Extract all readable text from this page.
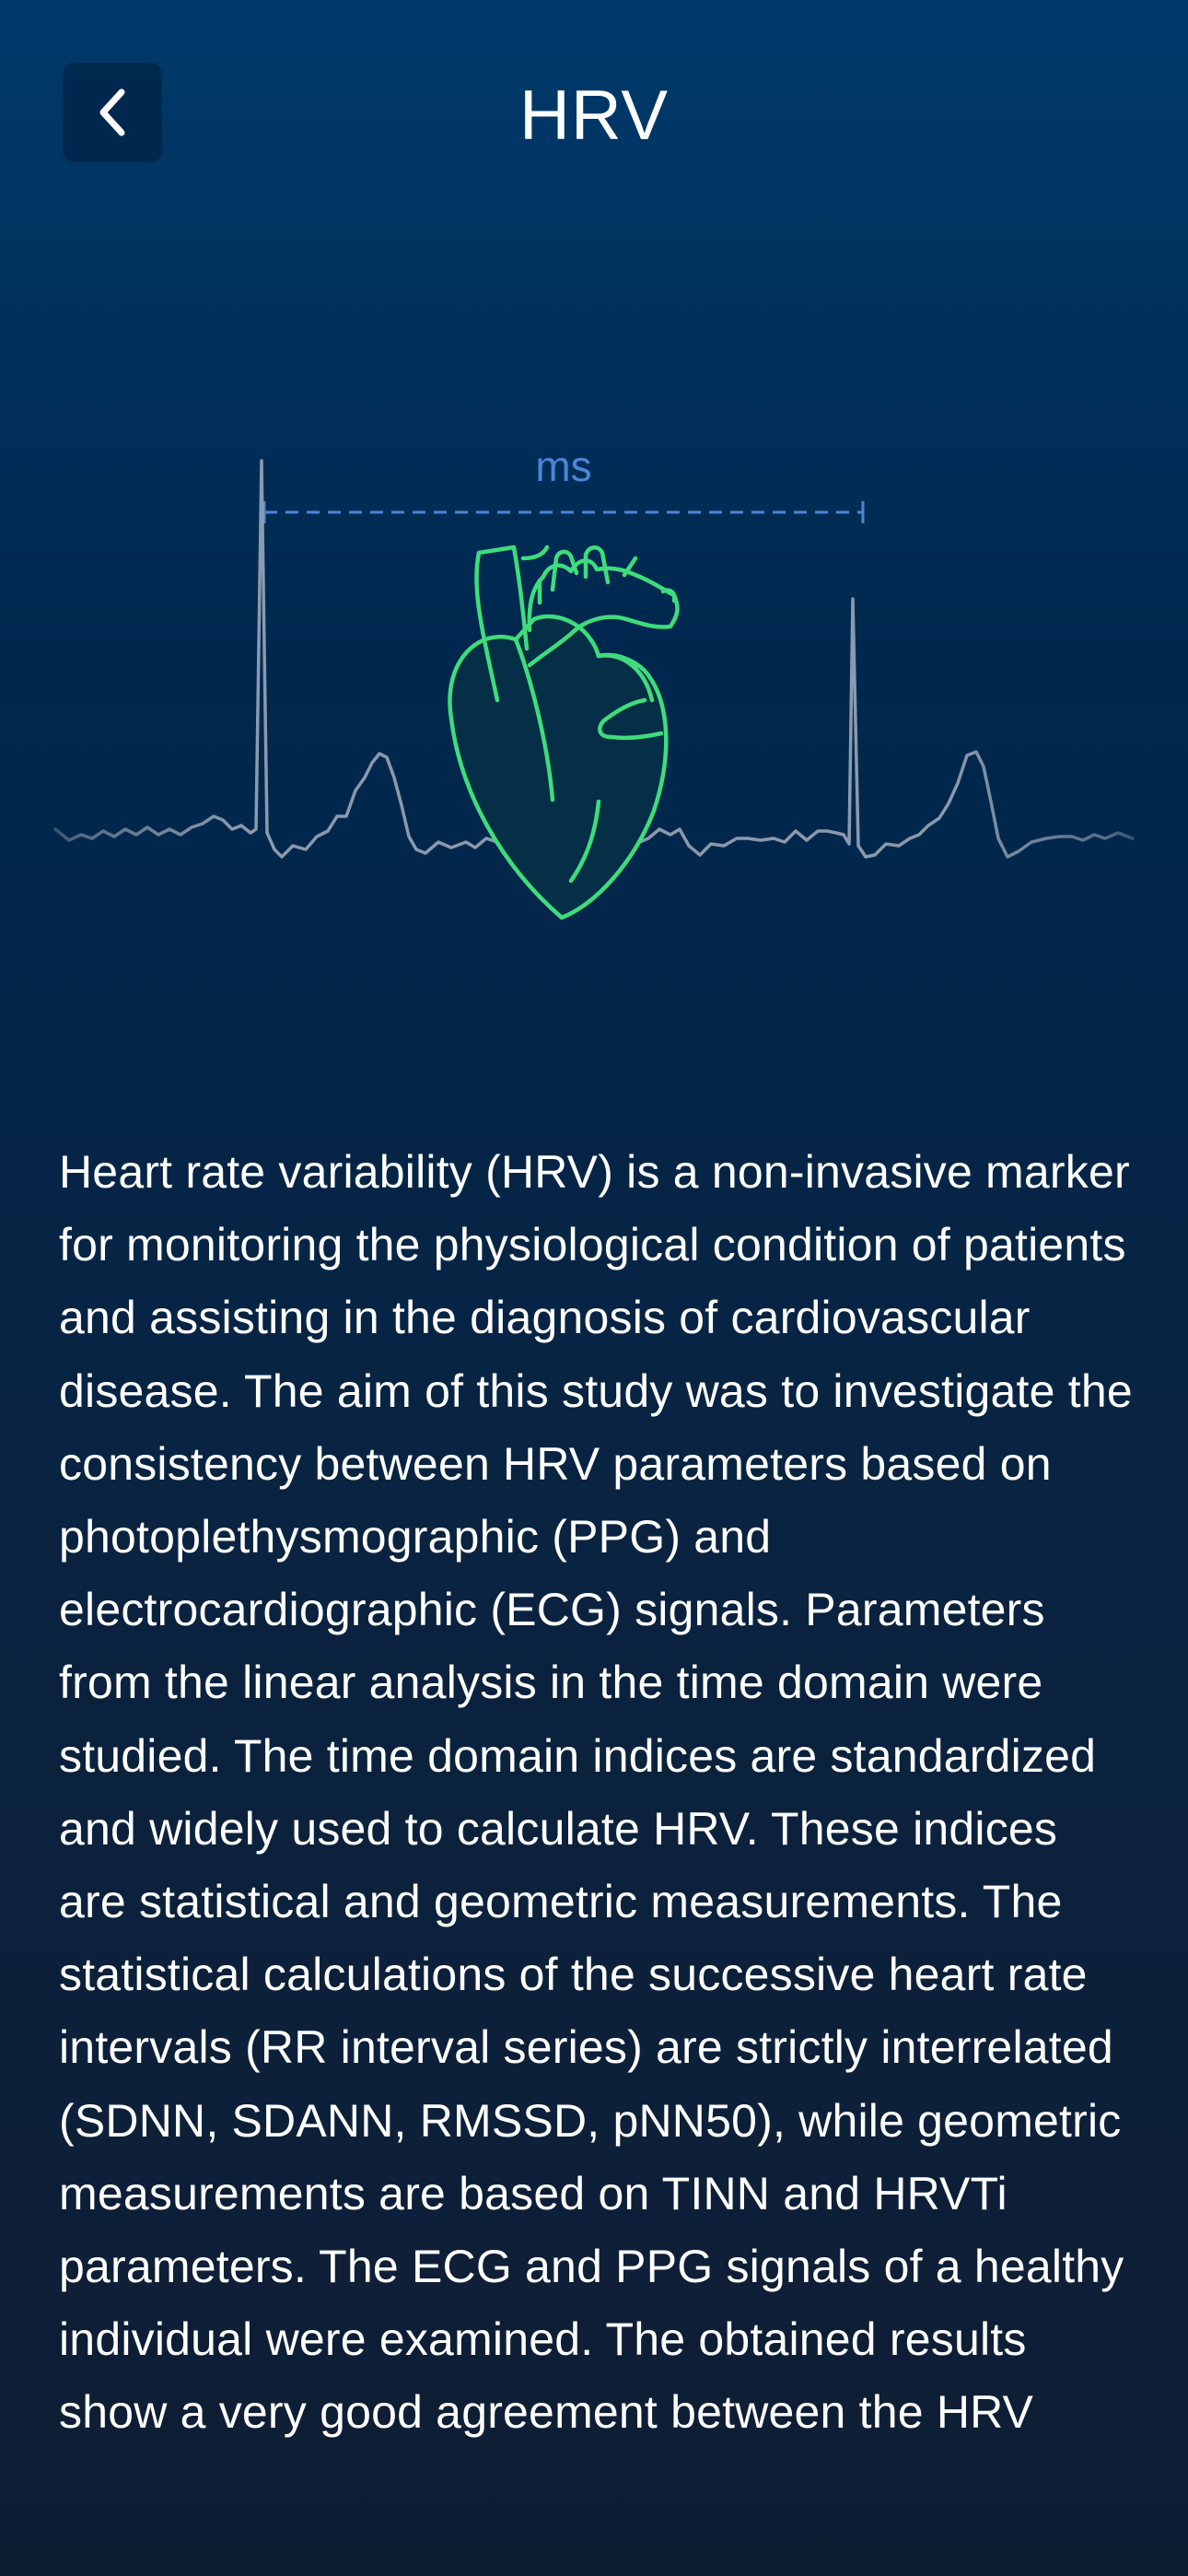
HRV
ms

Heart rate variability (HRV) is a non-invasive marker for monitoring the physiological condition of patients and assisting in the diagnosis of cardiovascular disease. The aim of this study was to investigate the consistency between HRV parameters based on photoplethysmographic (PPG) and electrocardiographic (ECG) signals. Parameters from the linear analysis in the time domain were studied. The time domain indices are standardized and widely used to calculate HRV. These indices are statistical and geometric measurements. The statistical calculations of the successive heart rate intervals (RR interval series) are strictly interrelated (SDNN, SDANN, RMSSD, pNN50), while geometric measurements are based on TINN and HRVTi parameters. The ECG and PPG signals of a healthy individual were examined. The obtained results show a very good agreement between the HRV
